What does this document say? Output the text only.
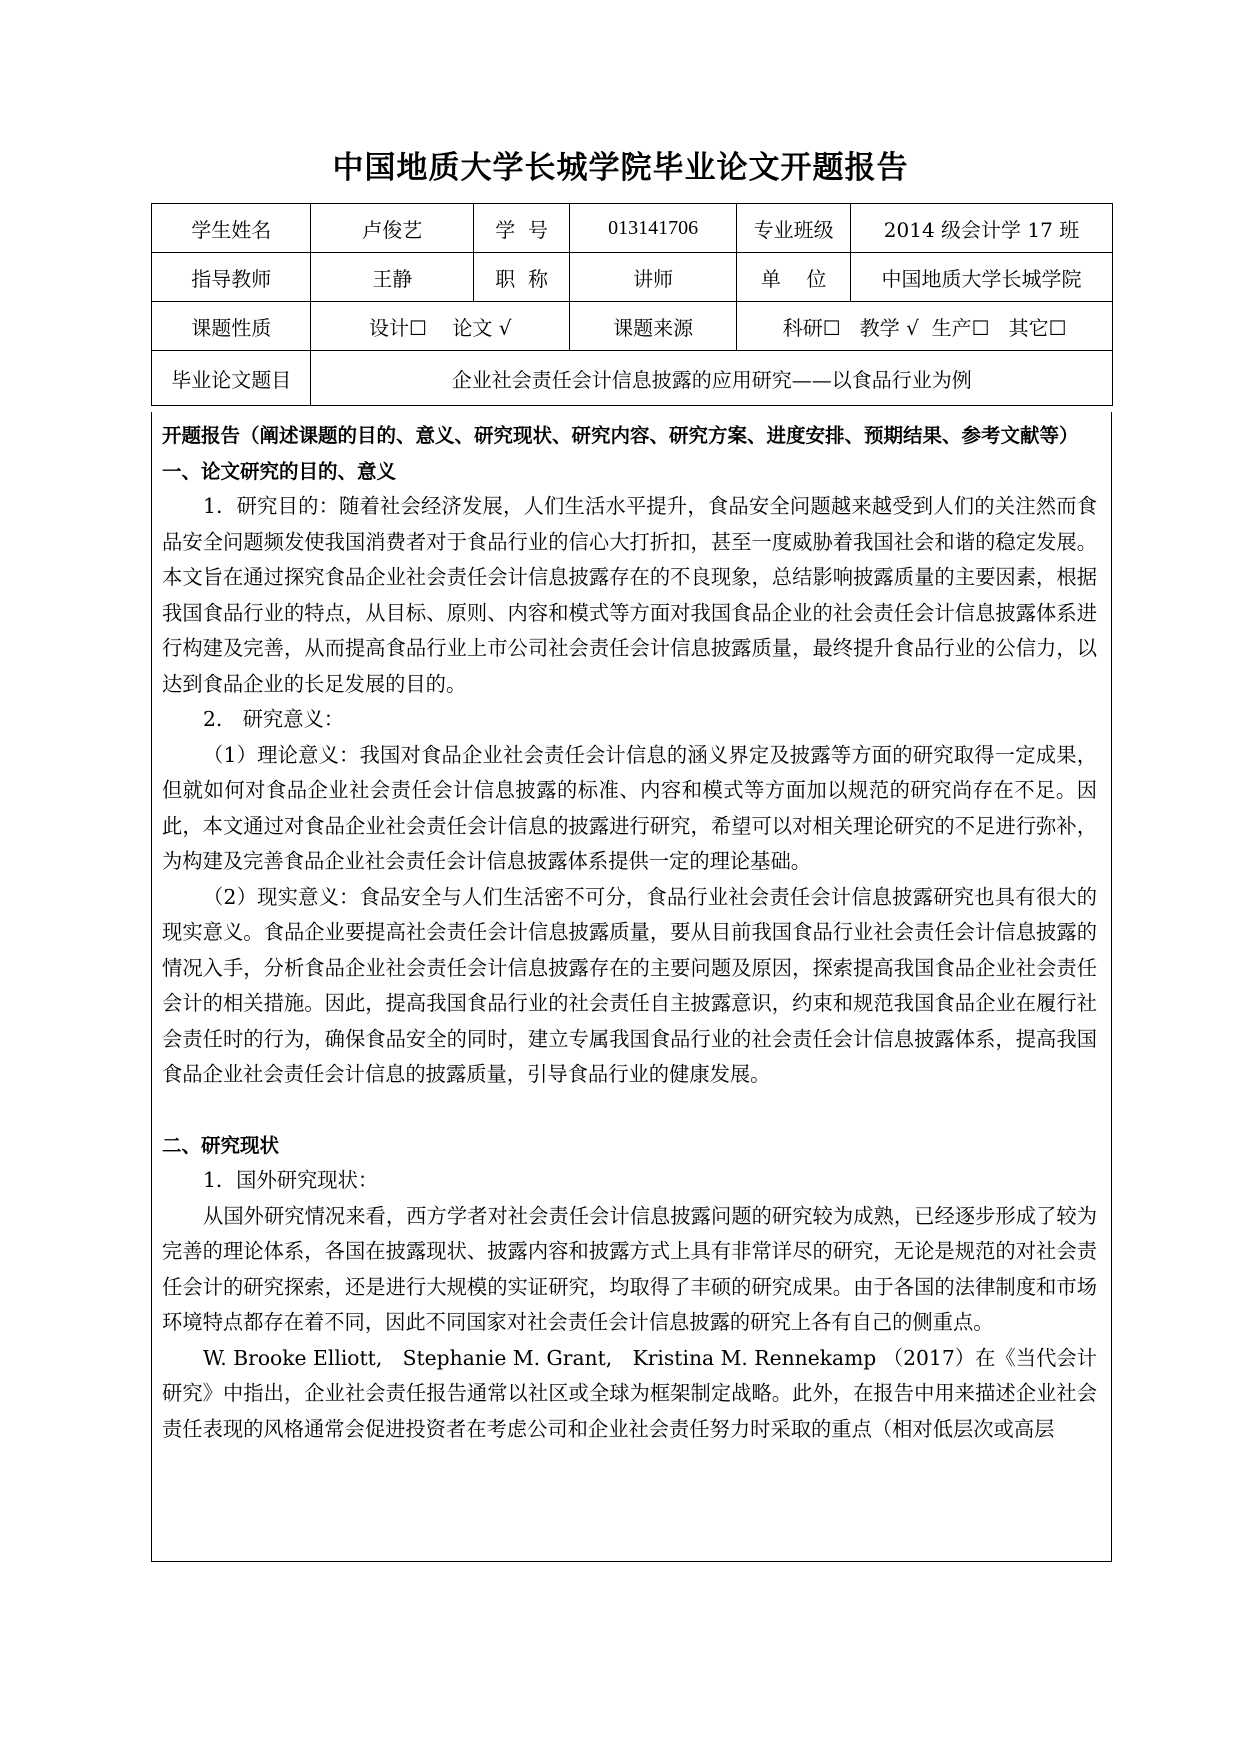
中国地质大学长城学院毕业论文开题报告
学生姓名	卢俊艺	学  号	013141706	专业班级	2014 级会计学 17 班
指导教师	王静	职  称	讲师	单    位	中国地质大学长城学院
课题性质	设计☐    论文 √		课题来源	科研☐   教学 √  生产☐   其它☐	
毕业论文题目	企业社会责任会计信息披露的应用研究——以食品行业为例				

开题报告（阐述课题的目的、意义、研究现状、研究内容、研究方案、进度安排、预期结果、参考文献等）

一、论文研究的目的、意义

1．研究目的：随着社会经济发展，人们生活水平提升，食品安全问题越来越受到人们的关注然而食品安全问题频发使我国消费者对于食品行业的信心大打折扣，甚至一度威胁着我国社会和谐的稳定发展。本文旨在通过探究食品企业社会责任会计信息披露存在的不良现象，总结影响披露质量的主要因素，根据我国食品行业的特点，从目标、原则、内容和模式等方面对我国食品企业的社会责任会计信息披露体系进行构建及完善，从而提高食品行业上市公司社会责任会计信息披露质量，最终提升食品行业的公信力，以达到食品企业的长足发展的目的。

2.　研究意义：

（1）理论意义：我国对食品企业社会责任会计信息的涵义界定及披露等方面的研究取得一定成果，但就如何对食品企业社会责任会计信息披露的标准、内容和模式等方面加以规范的研究尚存在不足。因此，本文通过对食品企业社会责任会计信息的披露进行研究，希望可以对相关理论研究的不足进行弥补，为构建及完善食品企业社会责任会计信息披露体系提供一定的理论基础。

（2）现实意义：食品安全与人们生活密不可分，食品行业社会责任会计信息披露研究也具有很大的现实意义。食品企业要提高社会责任会计信息披露质量，要从目前我国食品行业社会责任会计信息披露的情况入手，分析食品企业社会责任会计信息披露存在的主要问题及原因，探索提高我国食品企业社会责任会计的相关措施。因此，提高我国食品行业的社会责任自主披露意识，约束和规范我国食品企业在履行社会责任时的行为，确保食品安全的同时，建立专属我国食品行业的社会责任会计信息披露体系，提高我国食品企业社会责任会计信息的披露质量，引导食品行业的健康发展。

二、研究现状

1．国外研究现状：

从国外研究情况来看，西方学者对社会责任会计信息披露问题的研究较为成熟，已经逐步形成了较为完善的理论体系，各国在披露现状、披露内容和披露方式上具有非常详尽的研究，无论是规范的对社会责任会计的研究探索，还是进行大规模的实证研究，均取得了丰硕的研究成果。由于各国的法律制度和市场环境特点都存在着不同，因此不同国家对社会责任会计信息披露的研究上各有自己的侧重点。

W. Brooke Elliott,　Stephanie M. Grant,　Kristina M. Rennekamp （2017）在《当代会计研究》中指出，企业社会责任报告通常以社区或全球为框架制定战略。此外，在报告中用来描述企业社会责任表现的风格通常会促进投资者在考虑公司和企业社会责任努力时采取的重点（相对低层次或高层
